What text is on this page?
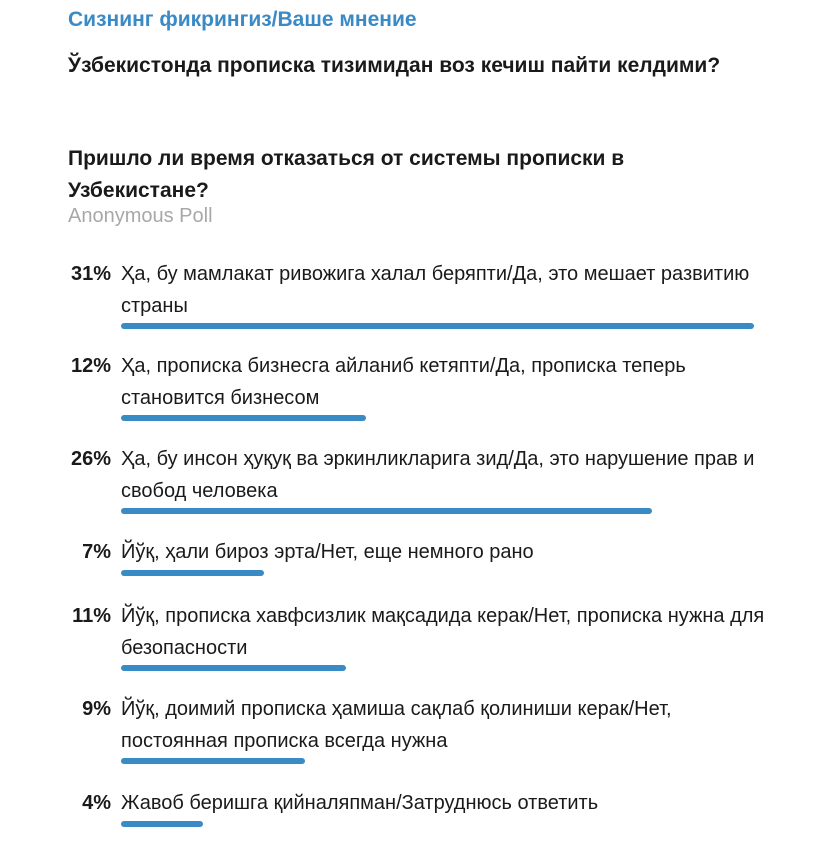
Сизнинг фикрингиз/Ваше мнение
Ўзбекистонда прописка тизимидан воз кечиш пайти келдими?
Пришло ли время отказаться от системы прописки в Узбекистане?
Anonymous Poll
31% Ҳа, бу мамлакат ривожига халал беряпти/Да, это мешает развитию страны
12% Ҳа, прописка бизнесга айланиб кетяпти/Да, прописка теперь становится бизнесом
26% Ҳа, бу инсон ҳуқуқ ва эркинликларига зид/Да, это нарушение прав и свобод человека
7% Йўқ, ҳали бироз эрта/Нет, еще немного рано
11% Йўқ, прописка хавфсизлик мақсадида керак/Нет, прописка нужна для безопасности
9% Йўқ, доимий прописка ҳамиша сақлаб қолиниши керак/Нет, постоянная прописка всегда нужна
4% Жавоб беришга қийналяпман/Затруднюсь ответить
